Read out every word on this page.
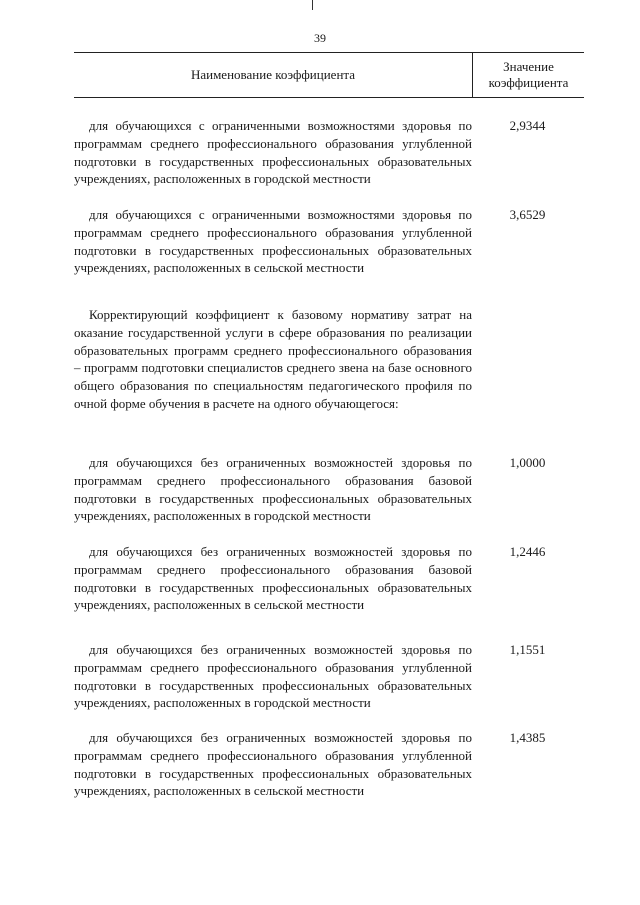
39
Наименование коэффициента
Значение
коэффициента
для обучающихся с ограниченными возможностями здоровья по программам среднего профессионального образования углубленной подготовки в государственных профессиональных образовательных учреждениях, расположенных в городской местности
2,9344
для обучающихся с ограниченными возможностями здоровья по программам среднего профессионального образования углубленной подготовки в государственных профессиональных образовательных учреждениях, расположенных в сельской местности
3,6529
Корректирующий коэффициент к базовому нормативу затрат на оказание государственной услуги в сфере образования по реализации образовательных программ среднего профессионального образования – программ подготовки специалистов среднего звена на базе основного общего образования по специальностям педагогического профиля по очной форме обучения в расчете на одного обучающегося:
для обучающихся без ограниченных возможностей здоровья по программам среднего профессионального образования базовой подготовки в государственных профессиональных образовательных учреждениях, расположенных в городской местности
1,0000
для обучающихся без ограниченных возможностей здоровья по программам среднего профессионального образования базовой подготовки в государственных профессиональных образовательных учреждениях, расположенных в сельской местности
1,2446
для обучающихся без ограниченных возможностей здоровья по программам среднего профессионального образования углубленной подготовки в государственных профессиональных образовательных учреждениях, расположенных в городской местности
1,1551
для обучающихся без ограниченных возможностей здоровья по программам среднего профессионального образования углубленной подготовки в государственных профессиональных образовательных учреждениях, расположенных в сельской местности
1,4385
